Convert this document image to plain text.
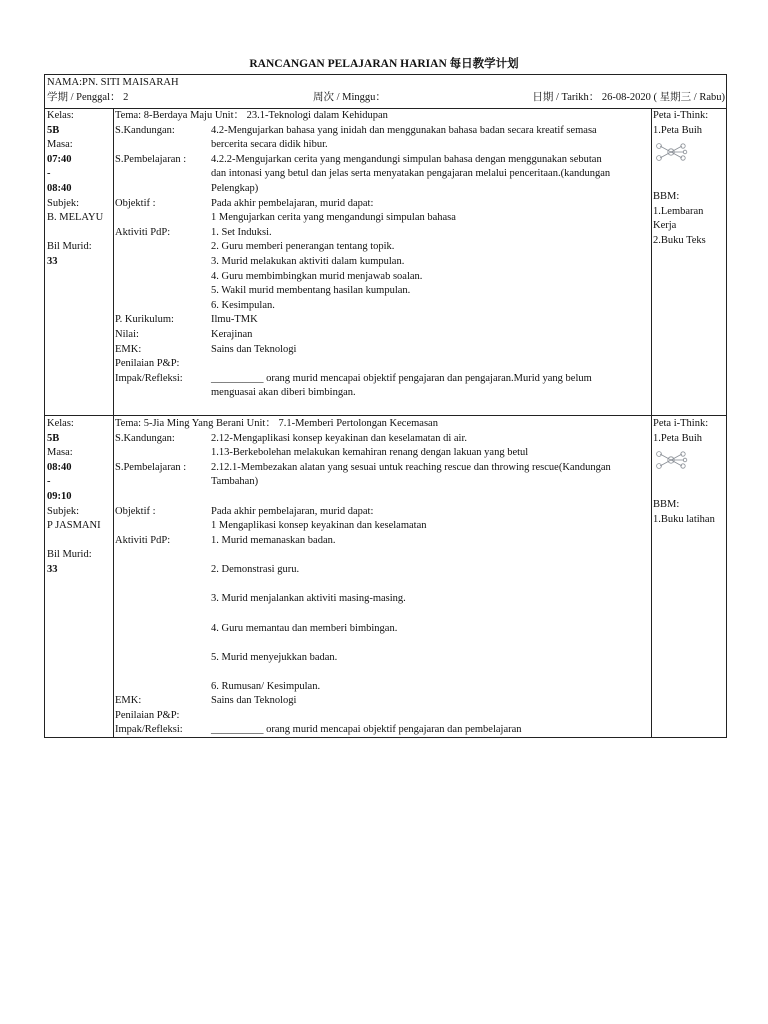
RANCANGAN PELAJARAN HARIAN 每日教学计划
NAMA:PN. SITI MAISARAH
学期 / Penggal： 2	周次 / Minggu：	日期 / Tarikh： 26-08-2020 ( 星期三 / Rabu)
Kelas:
5B
Masa:
07:40
-
08:40
Subjek:
B. MELAYU
Bil Murid:
33
Tema: 8-Berdaya Maju Unit： 23.1-Teknologi dalam Kehidupan
S.Kandungan:
S.Pembelajaran :
Objektif :
Aktiviti PdP:
P. Kurikulum:
Nilai:
EMK:
Penilaian P&P:
Impak/Refleksi:
4.2-Mengujarkan bahasa yang inidah dan menggunakan bahasa badan secara kreatif semasa
bercerita secara didik hibur.
4.2.2-Mengujarkan cerita yang mengandungi simpulan bahasa dengan menggunakan sebutan
dan intonasi yang betul dan jelas serta menyatakan pengajaran melalui penceritaan.(kandungan
Pelengkap)
Pada akhir pembelajaran, murid dapat:
1 Mengujarkan cerita yang mengandungi simpulan bahasa
1. Set Induksi.
2. Guru memberi penerangan tentang topik.
3. Murid melakukan aktiviti dalam kumpulan.
4. Guru membimbingkan murid menjawab soalan.
5. Wakil murid membentang hasilan kumpulan.
6. Kesimpulan.
Ilmu-TMK
Kerajinan
Sains dan Teknologi
__________ orang murid mencapai objektif pengajaran dan pengajaran.Murid yang belum
menguasai akan diberi bimbingan.
Peta i-Think:
1.Peta Buih
BBM:
1.Lembaran
Kerja
2.Buku Teks
Kelas:
5B
Masa:
08:40
-
09:10
Subjek:
P JASMANI
Bil Murid:
33
Tema: 5-Jia Ming Yang Berani Unit： 7.1-Memberi Pertolongan Kecemasan
S.Kandungan:
S.Pembelajaran :
Objektif :
Aktiviti PdP:
EMK:
Penilaian P&P:
Impak/Refleksi:
2.12-Mengaplikasi konsep keyakinan dan keselamatan di air.
1.13-Berkebolehan melakukan kemahiran renang dengan lakuan yang betul
2.12.1-Membezakan alatan yang sesuai untuk reaching rescue dan throwing rescue(Kandungan
Tambahan)
Pada akhir pembelajaran, murid dapat:
1 Mengaplikasi konsep keyakinan dan keselamatan
1. Murid memanaskan badan.
2. Demonstrasi guru.
3. Murid menjalankan aktiviti masing-masing.
4. Guru memantau dan memberi bimbingan.
5. Murid menyejukkan badan.
6. Rumusan/ Kesimpulan.
Sains dan Teknologi
__________ orang murid mencapai objektif pengajaran dan pembelajaran
Peta i-Think:
1.Peta Buih
BBM:
1.Buku latihan
